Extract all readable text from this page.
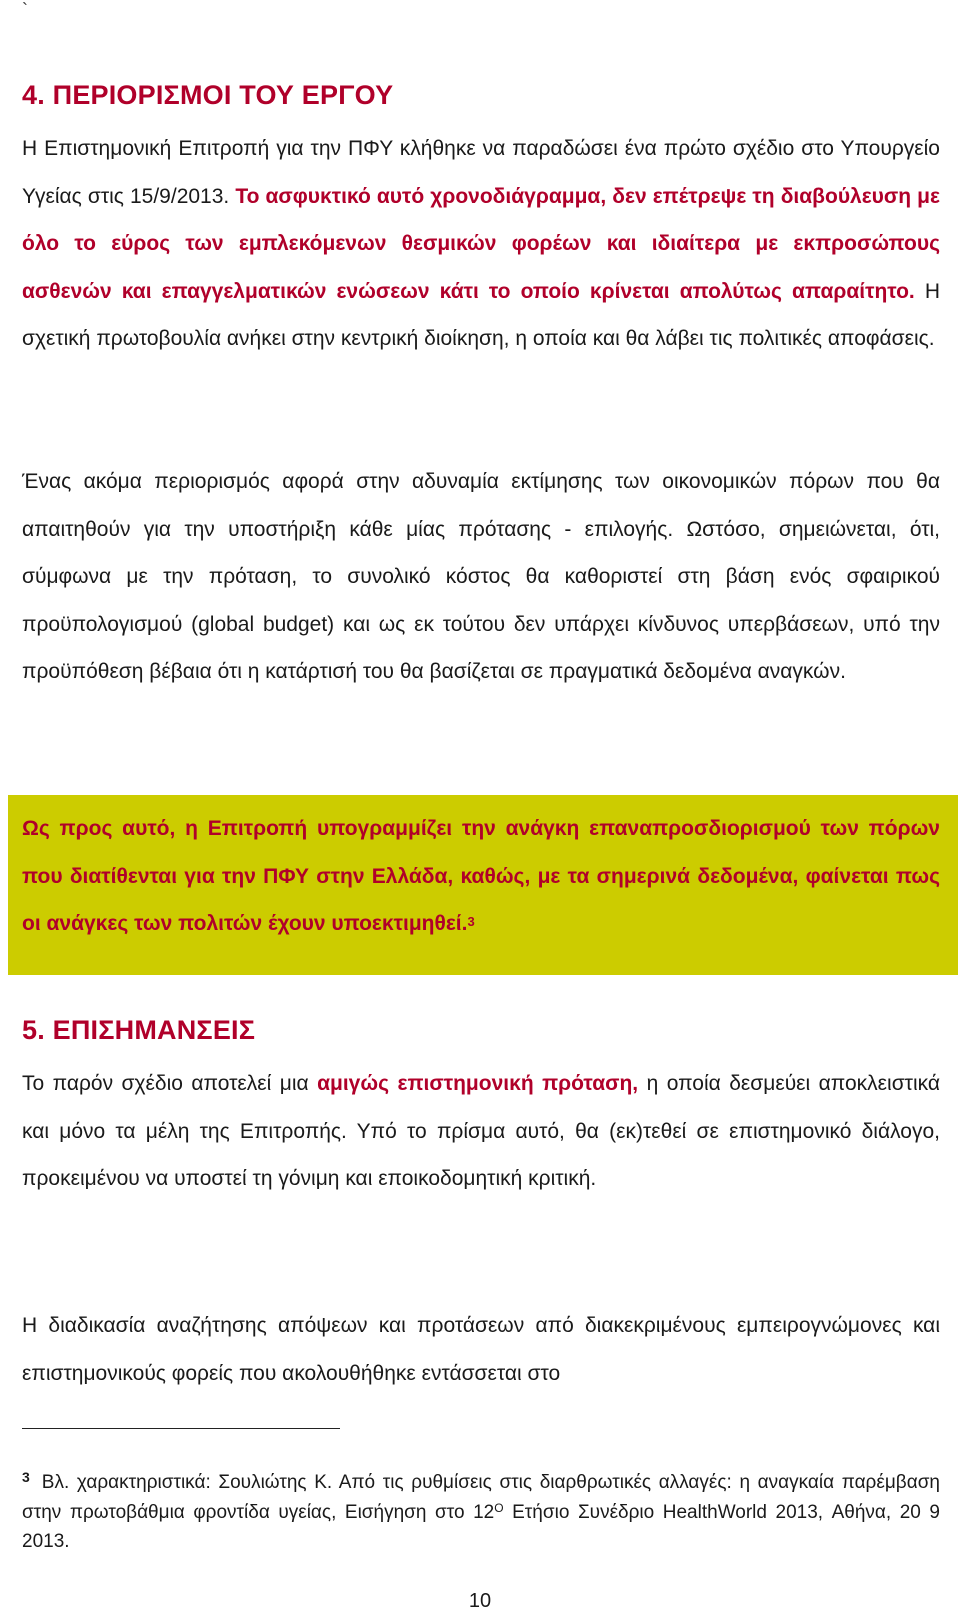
`
4. ΠΕΡΙΟΡΙΣΜΟΙ ΤΟΥ ΕΡΓΟΥ

Η Επιστημονική Επιτροπή για την ΠΦΥ κλήθηκε να παραδώσει ένα πρώτο σχέδιο στο Υπουργείο Υγείας στις 15/9/2013. Το ασφυκτικό αυτό χρονοδιάγραμμα, δεν επέτρεψε τη διαβούλευση με όλο το εύρος των εμπλεκόμενων θεσμικών φορέων και ιδιαίτερα με εκπροσώπους ασθενών και επαγγελματικών ενώσεων κάτι το οποίο κρίνεται απολύτως απαραίτητο. Η σχετική πρωτοβουλία ανήκει στην κεντρική διοίκηση, η οποία και θα λάβει τις πολιτικές αποφάσεις.

Ένας ακόμα περιορισμός αφορά στην αδυναμία εκτίμησης των οικονομικών πόρων που θα απαιτηθούν για την υποστήριξη κάθε μίας πρότασης - επιλογής. Ωστόσο, σημειώνεται, ότι, σύμφωνα με την πρόταση, το συνολικό κόστος θα καθοριστεί στη βάση ενός σφαιρικού προϋπολογισμού (global budget) και ως εκ τούτου δεν υπάρχει κίνδυνος υπερβάσεων, υπό την προϋπόθεση βέβαια ότι η κατάρτισή του θα βασίζεται σε πραγματικά δεδομένα αναγκών.

Ως προς αυτό, η Επιτροπή υπογραμμίζει την ανάγκη επαναπροσδιορισμού των πόρων που διατίθενται για την ΠΦΥ στην Ελλάδα, καθώς, με τα σημερινά δεδομένα, φαίνεται πως οι ανάγκες των πολιτών έχουν υποεκτιμηθεί.$^3$

5. ΕΠΙΣΗΜΑΝΣΕΙΣ

Το παρόν σχέδιο αποτελεί μια αμιγώς επιστημονική πρόταση, η οποία δεσμεύει αποκλειστικά και μόνο τα μέλη της Επιτροπής. Υπό το πρίσμα αυτό, θα (εκ)τεθεί σε επιστημονικό διάλογο, προκειμένου να υποστεί τη γόνιμη και εποικοδομητική κριτική.

Η διαδικασία αναζήτησης απόψεων και προτάσεων από διακεκριμένους εμπειρογνώμονες και επιστημονικούς φορείς που ακολουθήθηκε εντάσσεται στο

$^3$ Βλ. χαρακτηριστικά: Σουλιώτης Κ. Από τις ρυθμίσεις στις διαρθρωτικές αλλαγές: η αναγκαία παρέμβαση στην πρωτοβάθμια φροντίδα υγείας, Εισήγηση στο $12^O$ Ετήσιο Συνέδριο HealthWorld 2013, Αθήνα, 20 9 2013.

10
